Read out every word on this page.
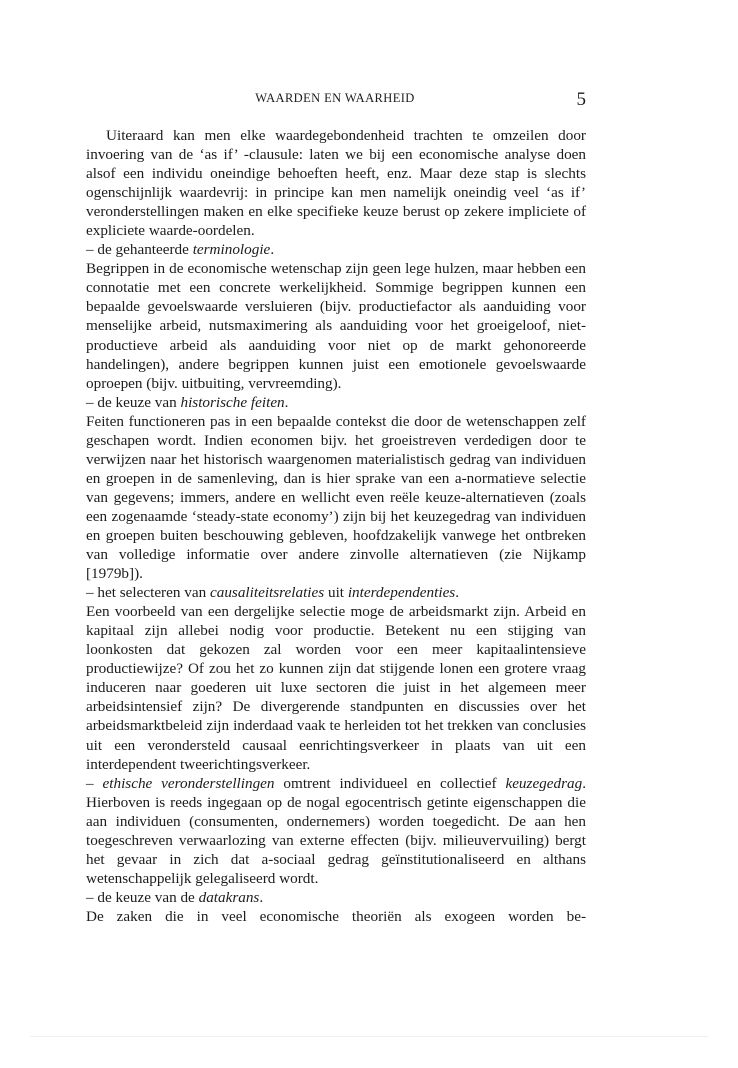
WAARDEN EN WAARHEID	5

Uiteraard kan men elke waardegebondenheid trachten te omzeilen door invoering van de ‘as if’ -clausule: laten we bij een economische analyse doen alsof een individu oneindige behoeften heeft, enz. Maar deze stap is slechts ogenschijnlijk waardevrij: in principe kan men namelijk oneindig veel ‘as if’ veronderstellingen maken en elke specifieke keuze berust op zekere impliciete of expliciete waarde-oordelen.

– de gehanteerde terminologie.

Begrippen in de economische wetenschap zijn geen lege hulzen, maar hebben een connotatie met een concrete werkelijkheid. Sommige begrippen kunnen een bepaalde gevoelswaarde versluieren (bijv. productiefactor als aanduiding voor menselijke arbeid, nutsmaximering als aanduiding voor het groeigeloof, niet-productieve arbeid als aanduiding voor niet op de markt gehonoreerde handelingen), andere begrippen kunnen juist een emotionele gevoelswaarde oproepen (bijv. uitbuiting, vervreemding).

– de keuze van historische feiten.

Feiten functioneren pas in een bepaalde contekst die door de wetenschappen zelf geschapen wordt. Indien economen bijv. het groeistreven verdedigen door te verwijzen naar het historisch waargenomen materialistisch gedrag van individuen en groepen in de samenleving, dan is hier sprake van een a-normatieve selectie van gegevens; immers, andere en wellicht even reële keuze-alternatieven (zoals een zogenaamde ‘steady-state economy’) zijn bij het keuzegedrag van individuen en groepen buiten beschouwing gebleven, hoofdzakelijk vanwege het ontbreken van volledige informatie over andere zinvolle alternatieven (zie Nijkamp [1979b]).

– het selecteren van causaliteitsrelaties uit interdependenties.

Een voorbeeld van een dergelijke selectie moge de arbeidsmarkt zijn. Arbeid en kapitaal zijn allebei nodig voor productie. Betekent nu een stijging van loonkosten dat gekozen zal worden voor een meer kapitaalintensieve productiewijze? Of zou het zo kunnen zijn dat stijgende lonen een grotere vraag induceren naar goederen uit luxe sectoren die juist in het algemeen meer arbeidsintensief zijn? De divergerende standpunten en discussies over het arbeidsmarktbeleid zijn inderdaad vaak te herleiden tot het trekken van conclusies uit een verondersteld causaal eenrichtingsverkeer in plaats van uit een interdependent tweerichtingsverkeer.

– ethische veronderstellingen omtrent individueel en collectief keuzegedrag. Hierboven is reeds ingegaan op de nogal egocentrisch getinte eigenschappen die aan individuen (consumenten, ondernemers) worden toegedicht. De aan hen toegeschreven verwaarlozing van externe effecten (bijv. milieuvervuiling) bergt het gevaar in zich dat a-sociaal gedrag geïnstitutionaliseerd en althans wetenschappelijk gelegaliseerd wordt.

– de keuze van de datakrans.

De zaken die in veel economische theoriën als exogeen worden be-
